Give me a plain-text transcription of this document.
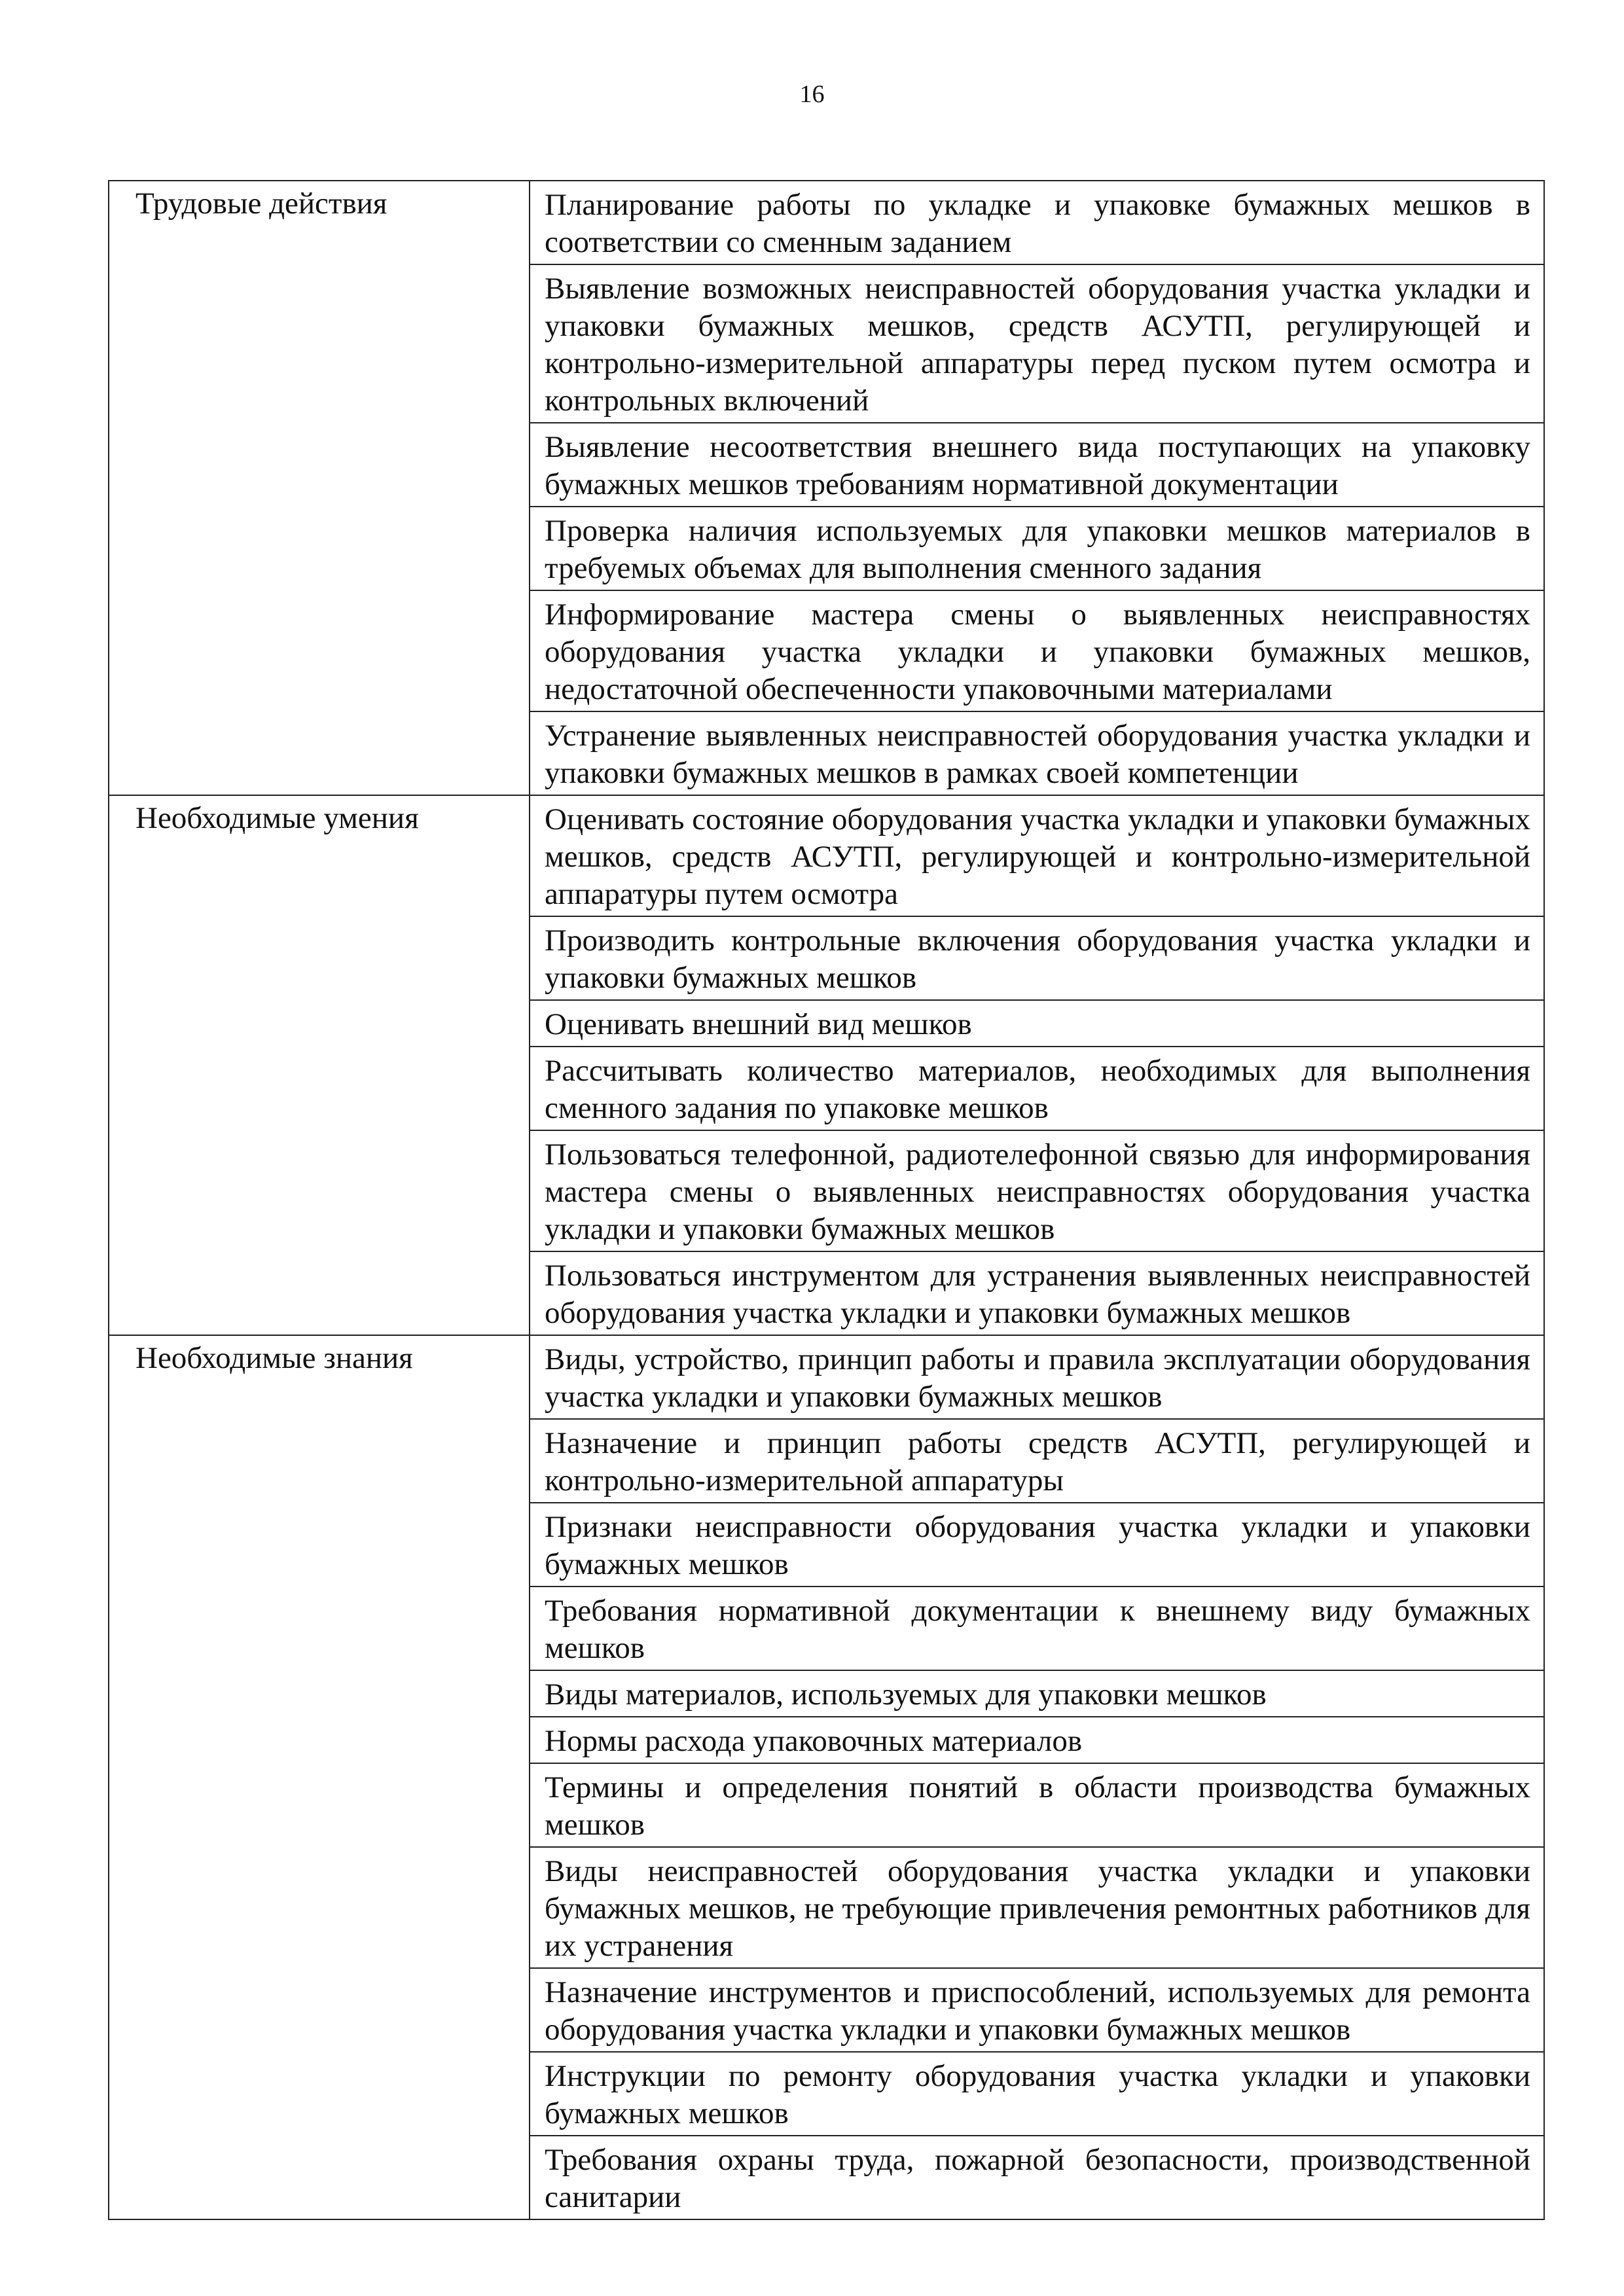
16
Трудовые действия	Планирование работы по укладке и упаковке бумажных мешков в соответствии со сменным заданием
	Выявление возможных неисправностей оборудования участка укладки и упаковки бумажных мешков, средств АСУТП, регулирующей и контрольно-измерительной аппаратуры перед пуском путем осмотра и контрольных включений
	Выявление несоответствия внешнего вида поступающих на упаковку бумажных мешков требованиям нормативной документации
	Проверка наличия используемых для упаковки мешков материалов в требуемых объемах для выполнения сменного задания
	Информирование мастера смены о выявленных неисправностях оборудования участка укладки и упаковки бумажных мешков, недостаточной обеспеченности упаковочными материалами
	Устранение выявленных неисправностей оборудования участка укладки и упаковки бумажных мешков в рамках своей компетенции
Необходимые умения	Оценивать состояние оборудования участка укладки и упаковки бумажных мешков, средств АСУТП, регулирующей и контрольно-измерительной аппаратуры путем осмотра
	Производить контрольные включения оборудования участка укладки и упаковки бумажных мешков
	Оценивать внешний вид мешков
	Рассчитывать количество материалов, необходимых для выполнения сменного задания по упаковке мешков
	Пользоваться телефонной, радиотелефонной связью для информирования мастера смены о выявленных неисправностях оборудования участка укладки и упаковки бумажных мешков
	Пользоваться инструментом для устранения выявленных неисправностей оборудования участка укладки и упаковки бумажных мешков
Необходимые знания	Виды, устройство, принцип работы и правила эксплуатации оборудования участка укладки и упаковки бумажных мешков
	Назначение и принцип работы средств АСУТП, регулирующей и контрольно-измерительной аппаратуры
	Признаки неисправности оборудования участка укладки и упаковки бумажных мешков
	Требования нормативной документации к внешнему виду бумажных мешков
	Виды материалов, используемых для упаковки мешков
	Нормы расхода упаковочных материалов
	Термины и определения понятий в области производства бумажных мешков
	Виды неисправностей оборудования участка укладки и упаковки бумажных мешков, не требующие привлечения ремонтных работников для их устранения
	Назначение инструментов и приспособлений, используемых для ремонта оборудования участка укладки и упаковки бумажных мешков
	Инструкции по ремонту оборудования участка укладки и упаковки бумажных мешков
	Требования охраны труда, пожарной безопасности, производственной санитарии
